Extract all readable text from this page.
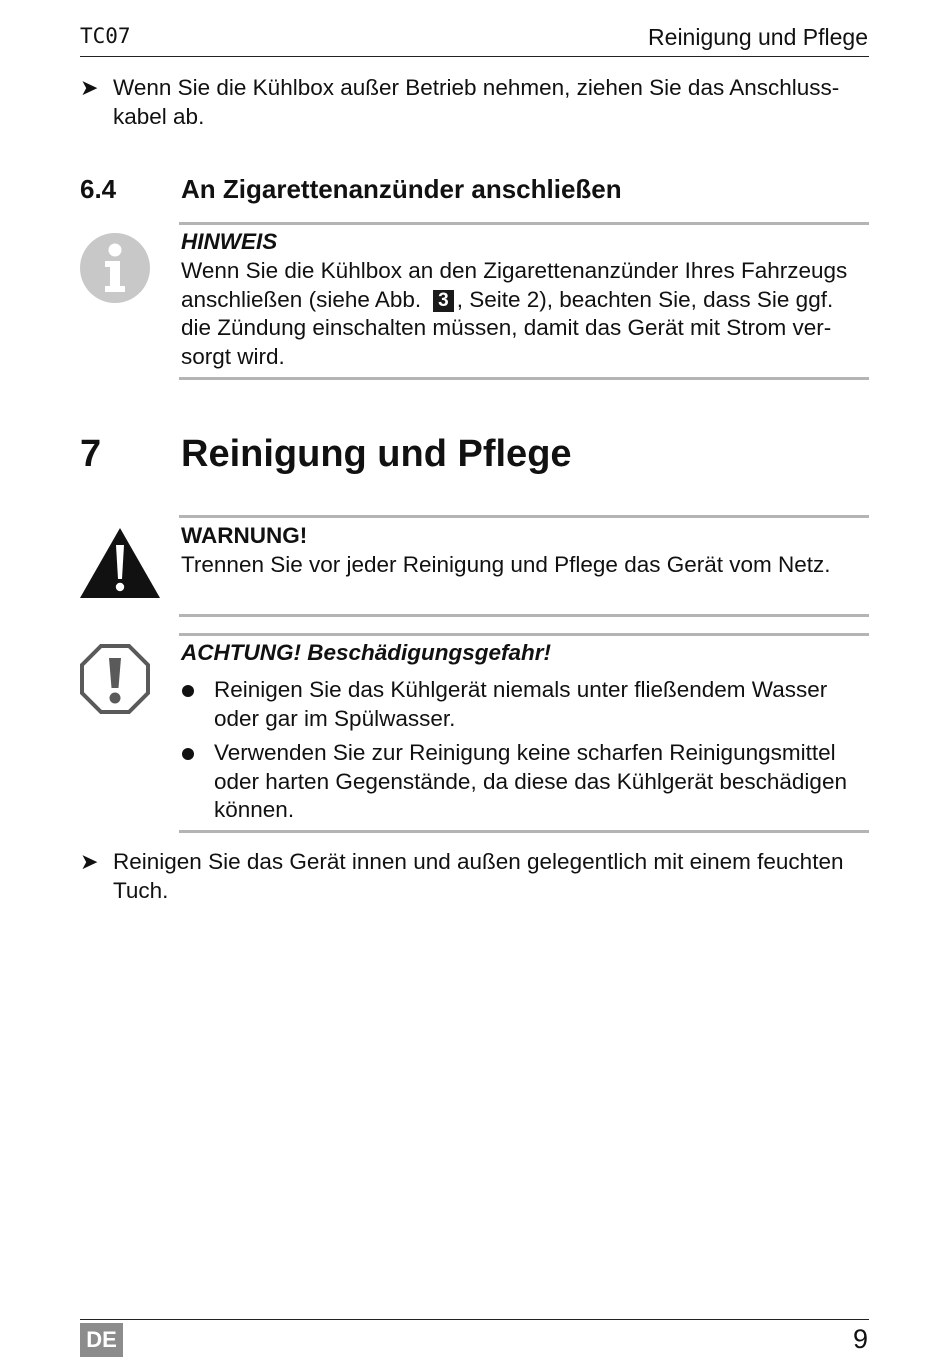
TC07	Reinigung und Pflege
➤ Wenn Sie die Kühlbox außer Betrieb nehmen, ziehen Sie das Anschluss-
kabel ab.
6.4 An Zigarettenanzünder anschließen
HINWEIS
Wenn Sie die Kühlbox an den Zigarettenanzünder Ihres Fahrzeugs
anschließen (siehe Abb. 3 , Seite 2), beachten Sie, dass Sie ggf.
die Zündung einschalten müssen, damit das Gerät mit Strom ver-
sorgt wird.
7 Reinigung und Pflege
WARNUNG!
Trennen Sie vor jeder Reinigung und Pflege das Gerät vom Netz.
ACHTUNG! Beschädigungsgefahr!
Reinigen Sie das Kühlgerät niemals unter fließendem Wasser
oder gar im Spülwasser.
Verwenden Sie zur Reinigung keine scharfen Reinigungsmittel
oder harten Gegenstände, da diese das Kühlgerät beschädigen
können.
➤ Reinigen Sie das Gerät innen und außen gelegentlich mit einem feuchten
Tuch.
DE	9
